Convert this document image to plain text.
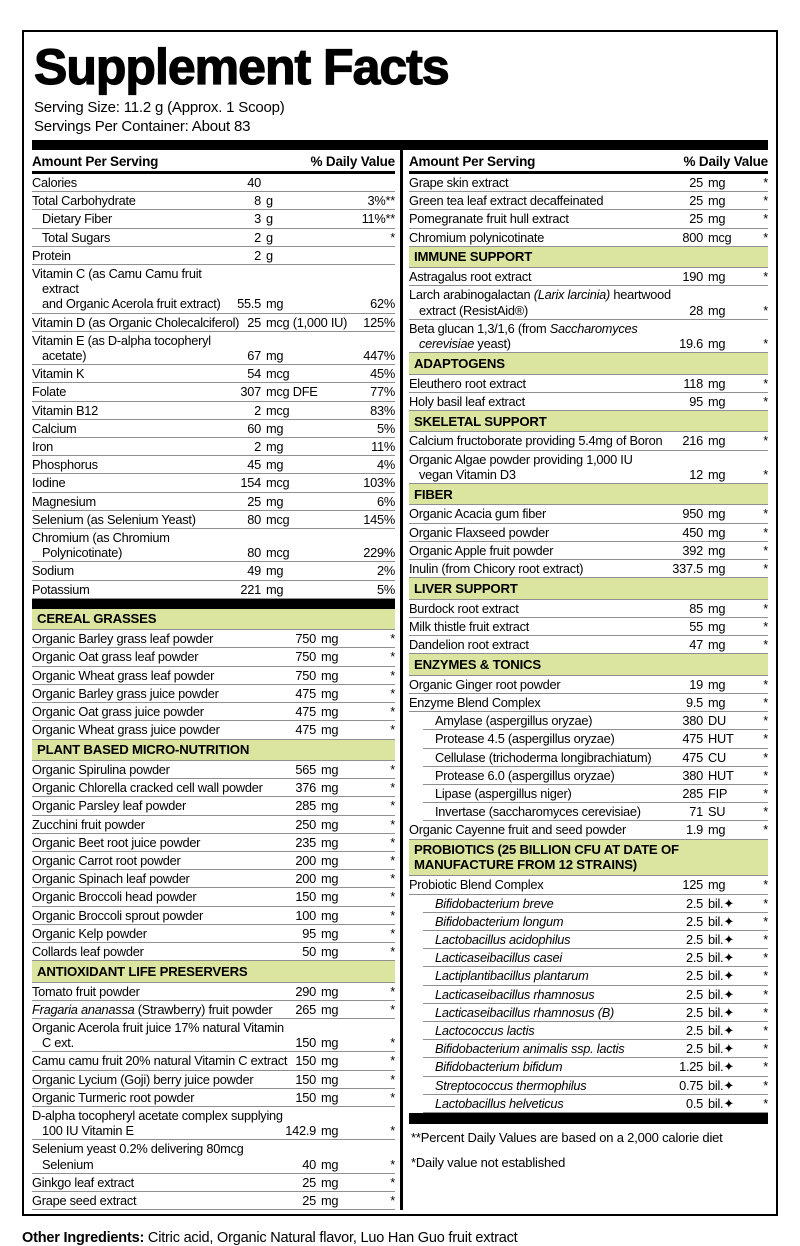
Supplement Facts
Serving Size: 11.2 g (Approx. 1 Scoop)
Servings Per Container: About 83
Amount Per Serving	% Daily Value
Calories	40
Total Carbohydrate	8 g	3%**
Dietary Fiber	3 g	11%**
Total Sugars	2 g	*
Protein	2 g
Vitamin C (as Camu Camu fruit extract
and Organic Acerola fruit extract)	55.5 mg	62%
Vitamin D (as Organic Cholecalciferol) 25 mcg (1,000 IU)	125%
Vitamin E (as D-alpha tocopheryl
acetate)	67 mg	447%
Vitamin K	54 mcg	45%
Folate	307 mcg DFE	77%
Vitamin B12	2 mcg	83%
Calcium	60 mg	5%
Iron	2 mg	11%
Phosphorus	45 mg	4%
Iodine	154 mcg	103%
Magnesium	25 mg	6%
Selenium (as Selenium Yeast)	80 mcg	145%
Chromium (as Chromium Polynicotinate)	80 mcg	229%
Sodium	49 mg	2%
Potassium	221 mg	5%
CEREAL GRASSES
Organic Barley grass leaf powder	750 mg	*
Organic Oat grass leaf powder	750 mg	*
Organic Wheat grass leaf powder	750 mg	*
Organic Barley grass juice powder	475 mg	*
Organic Oat grass juice powder	475 mg	*
Organic Wheat grass juice powder	475 mg	*
PLANT BASED MICRO-NUTRITION
Organic Spirulina powder	565 mg	*
Organic Chlorella cracked cell wall powder	376 mg	*
Organic Parsley leaf powder	285 mg	*
Zucchini fruit powder	250 mg	*
Organic Beet root juice powder	235 mg	*
Organic Carrot root powder	200 mg	*
Organic Spinach leaf powder	200 mg	*
Organic Broccoli head powder	150 mg	*
Organic Broccoli sprout powder	100 mg	*
Organic Kelp powder	95 mg	*
Collards leaf powder	50 mg	*
ANTIOXIDANT LIFE PRESERVERS
Tomato fruit powder	290 mg	*
Fragaria ananassa (Strawberry) fruit powder	265 mg	*
Organic Acerola fruit juice 17% natural Vitamin C ext.	150 mg	*
Camu camu fruit 20% natural Vitamin C extract 150 mg	*
Organic Lycium (Goji) berry juice powder	150 mg	*
Organic Turmeric root powder	150 mg	*
D-alpha tocopheryl acetate complex supplying
100 IU Vitamin E	142.9 mg	*
Selenium yeast 0.2% delivering 80mcg Selenium	40 mg	*
Ginkgo leaf extract	25 mg	*
Grape seed extract	25 mg	*
Amount Per Serving	% Daily Value
Grape skin extract	25 mg	*
Green tea leaf extract decaffeinated	25 mg	*
Pomegranate fruit hull extract	25 mg	*
Chromium polynicotinate	800 mcg	*
IMMUNE SUPPORT
Astragalus root extract	190 mg	*
Larch arabinogalactan (Larix larcinia) heartwood
extract (ResistAid®)	28 mg	*
Beta glucan 1,3/1,6 (from Saccharomyces
cerevisiae yeast)	19.6 mg	*
ADAPTOGENS
Eleuthero root extract	118 mg	*
Holy basil leaf extract	95 mg	*
SKELETAL SUPPORT
Calcium fructoborate providing 5.4mg of Boron	216 mg	*
Organic Algae powder providing 1,000 IU
vegan Vitamin D3	12 mg	*
FIBER
Organic Acacia gum fiber	950 mg	*
Organic Flaxseed powder	450 mg	*
Organic Apple fruit powder	392 mg	*
Inulin (from Chicory root extract)	337.5 mg	*
LIVER SUPPORT
Burdock root extract	85 mg	*
Milk thistle fruit extract	55 mg	*
Dandelion root extract	47 mg	*
ENZYMES & TONICS
Organic Ginger root powder	19 mg	*
Enzyme Blend Complex	9.5 mg	*
Amylase (aspergillus oryzae)	380 DU	*
Protease 4.5 (aspergillus oryzae)	475 HUT	*
Cellulase (trichoderma longibrachiatum)	475 CU	*
Protease 6.0 (aspergillus oryzae)	380 HUT	*
Lipase (aspergillus niger)	285 FIP	*
Invertase (saccharomyces cerevisiae)	71 SU	*
Organic Cayenne fruit and seed powder	1.9 mg	*
PROBIOTICS (25 BILLION CFU AT DATE OF
MANUFACTURE FROM 12 STRAINS)
Probiotic Blend Complex	125 mg	*
Bifidobacterium breve	2.5 bil.✦	*
Bifidobacterium longum	2.5 bil.✦	*
Lactobacillus acidophilus	2.5 bil.✦	*
Lacticaseibacillus casei	2.5 bil.✦	*
Lactiplantibacillus plantarum	2.5 bil.✦	*
Lacticaseibacillus rhamnosus	2.5 bil.✦	*
Lacticaseibacillus rhamnosus (B)	2.5 bil.✦	*
Lactococcus lactis	2.5 bil.✦	*
Bifidobacterium animalis ssp. lactis	2.5 bil.✦	*
Bifidobacterium bifidum	1.25 bil.✦	*
Streptococcus thermophilus	0.75 bil.✦	*
Lactobacillus helveticus	0.5 bil.✦	*
**Percent Daily Values are based on a 2,000 calorie diet
*Daily value not established
Other Ingredients: Citric acid, Organic Natural flavor, Luo Han Guo fruit extract
